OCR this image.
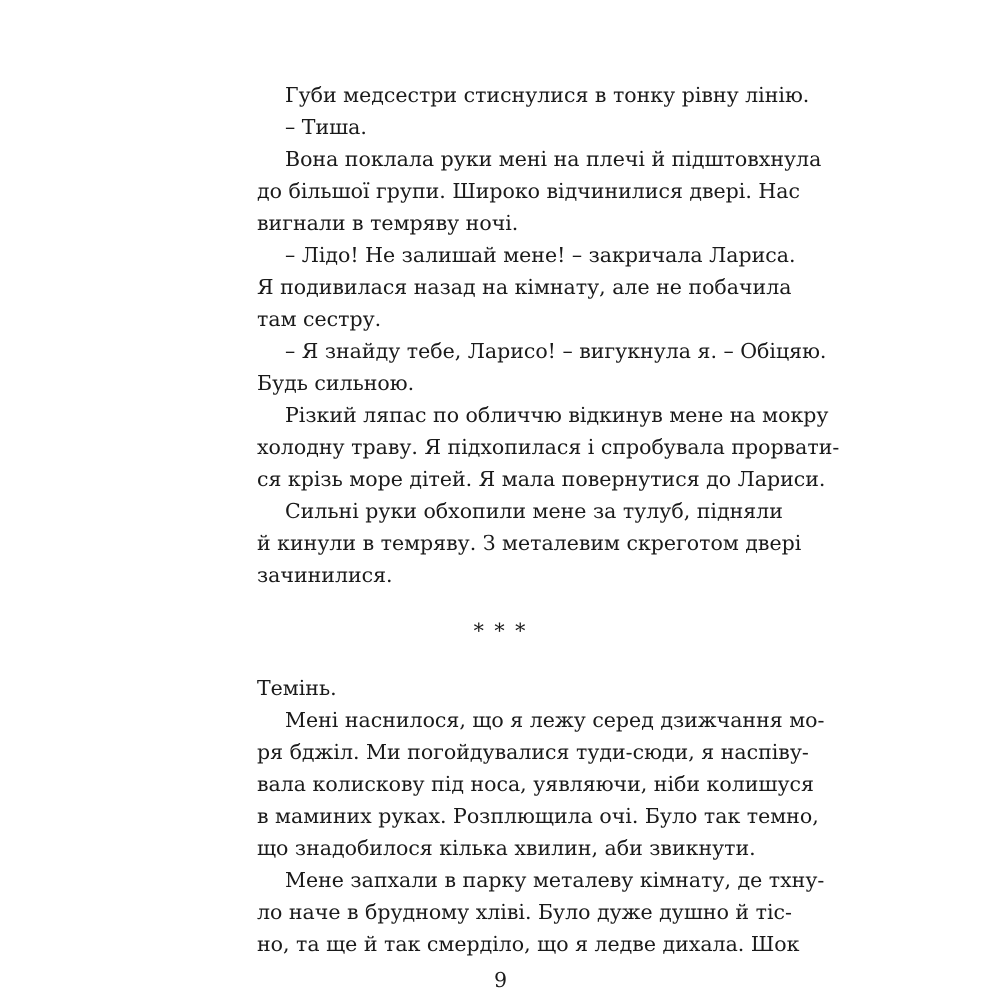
Губи медсестри стиснулися в тонку рівну лінію.
– Тиша.
Вона поклала руки мені на плечі й підштовхнула
до більшої групи. Широко відчинилися двері. Нас
вигнали в темряву ночі.
– Лідо! Не залишай мене! – закричала Лариса.
Я подивилася назад на кімнату, але не побачила
там сестру.
– Я знайду тебе, Ларисо! – вигукнула я. – Обіцяю.
Будь сильною.
Різкий ляпас по обличчю відкинув мене на мокру
холодну траву. Я підхопилася і спробувала прорвати-
ся крізь море дітей. Я мала повернутися до Лариси.
Сильні руки обхопили мене за тулуб, підняли
й кинули в темряву. З металевим скреготом двері
зачинилися.
* * *
Темінь.
Мені наснилося, що я лежу серед дзижчання мо-
ря бджіл. Ми погойдувалися туди-сюди, я наспіву-
вала колискову під носа, уявляючи, ніби колишуся
в маминих руках. Розплющила очі. Було так темно,
що знадобилося кілька хвилин, аби звикнути.
Мене запхали в парку металеву кімнату, де тхну-
ло наче в брудному хліві. Було дуже душно й тіс-
но, та ще й так смерділо, що я ледве дихала. Шок
9
